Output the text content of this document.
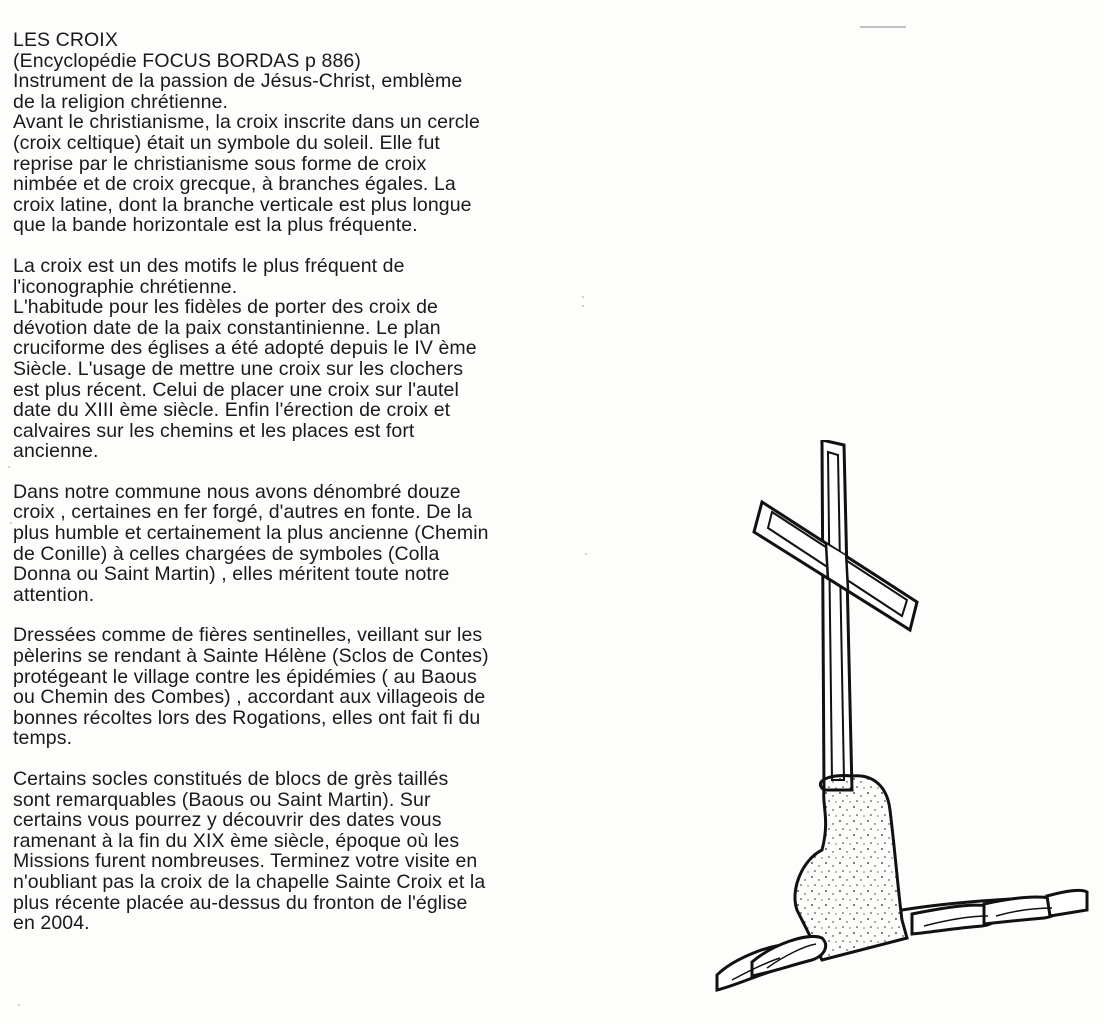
LES CROIX
(Encyclopédie FOCUS BORDAS p 886)
Instrument de la passion de Jésus-Christ, emblème
de la religion chrétienne.
Avant le christianisme, la croix inscrite dans un cercle
(croix celtique) était un symbole du soleil. Elle fut
reprise par le christianisme sous forme de croix
nimbée et de croix grecque, à branches égales. La
croix latine, dont la branche verticale est plus longue
que la bande horizontale est la plus fréquente.
La croix est un des motifs le plus fréquent de
l'iconographie chrétienne.
L'habitude pour les fidèles de porter des croix de
dévotion date de la paix constantinienne. Le plan
cruciforme des églises a été adopté depuis le IV ème
Siècle. L'usage de mettre une croix sur les clochers
est plus récent. Celui de placer une croix sur l'autel
date du XIII ème siècle. Enfin l'érection de croix et
calvaires sur les chemins et les places est fort
ancienne.
Dans notre commune nous avons dénombré douze
croix , certaines en fer forgé, d'autres en fonte. De la
plus humble et certainement la plus ancienne (Chemin
de Conille) à celles chargées de symboles (Colla
Donna ou Saint Martin) , elles méritent toute notre
attention.
Dressées comme de fières sentinelles, veillant sur les
pèlerins se rendant à Sainte Hélène (Sclos de Contes)
protégeant le village contre les épidémies ( au Baous
ou Chemin des Combes) , accordant aux villageois de
bonnes récoltes lors des Rogations, elles ont fait fi du
temps.
Certains socles constitués de blocs de grès taillés
sont remarquables (Baous ou Saint Martin). Sur
certains vous pourrez y découvrir des dates vous
ramenant à la fin du XIX ème siècle, époque où les
Missions furent nombreuses. Terminez votre visite en
n'oubliant pas la croix de la chapelle Sainte Croix et la
plus récente placée au-dessus du fronton de l'église
en 2004.
